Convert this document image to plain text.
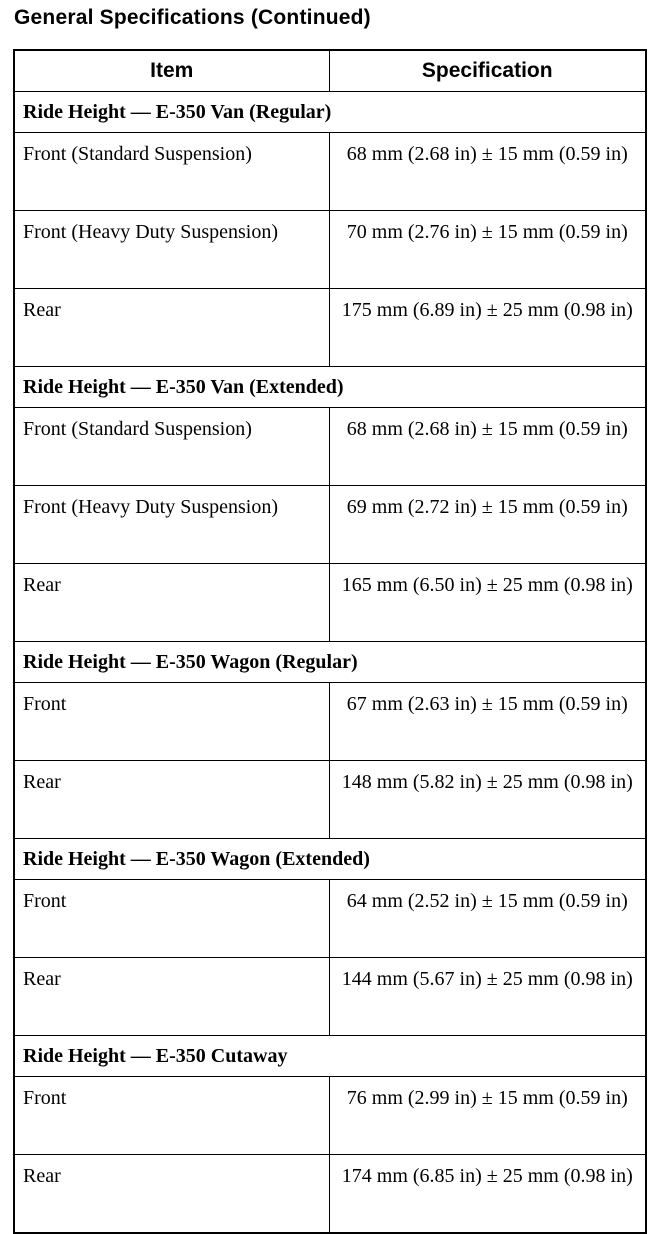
General Specifications (Continued)
Item	Specification
Ride Height — E-350 Van (Regular)	
Front (Standard Suspension)	68 mm (2.68 in) ± 15 mm (0.59 in)
Front (Heavy Duty Suspension)	70 mm (2.76 in) ± 15 mm (0.59 in)
Rear	175 mm (6.89 in) ± 25 mm (0.98 in)
Ride Height — E-350 Van (Extended)	
Front (Standard Suspension)	68 mm (2.68 in) ± 15 mm (0.59 in)
Front (Heavy Duty Suspension)	69 mm (2.72 in) ± 15 mm (0.59 in)
Rear	165 mm (6.50 in) ± 25 mm (0.98 in)
Ride Height — E-350 Wagon (Regular)	
Front	67 mm (2.63 in) ± 15 mm (0.59 in)
Rear	148 mm (5.82 in) ± 25 mm (0.98 in)
Ride Height — E-350 Wagon (Extended)	
Front	64 mm (2.52 in) ± 15 mm (0.59 in)
Rear	144 mm (5.67 in) ± 25 mm (0.98 in)
Ride Height — E-350 Cutaway	
Front	76 mm (2.99 in) ± 15 mm (0.59 in)
Rear	174 mm (6.85 in) ± 25 mm (0.98 in)
